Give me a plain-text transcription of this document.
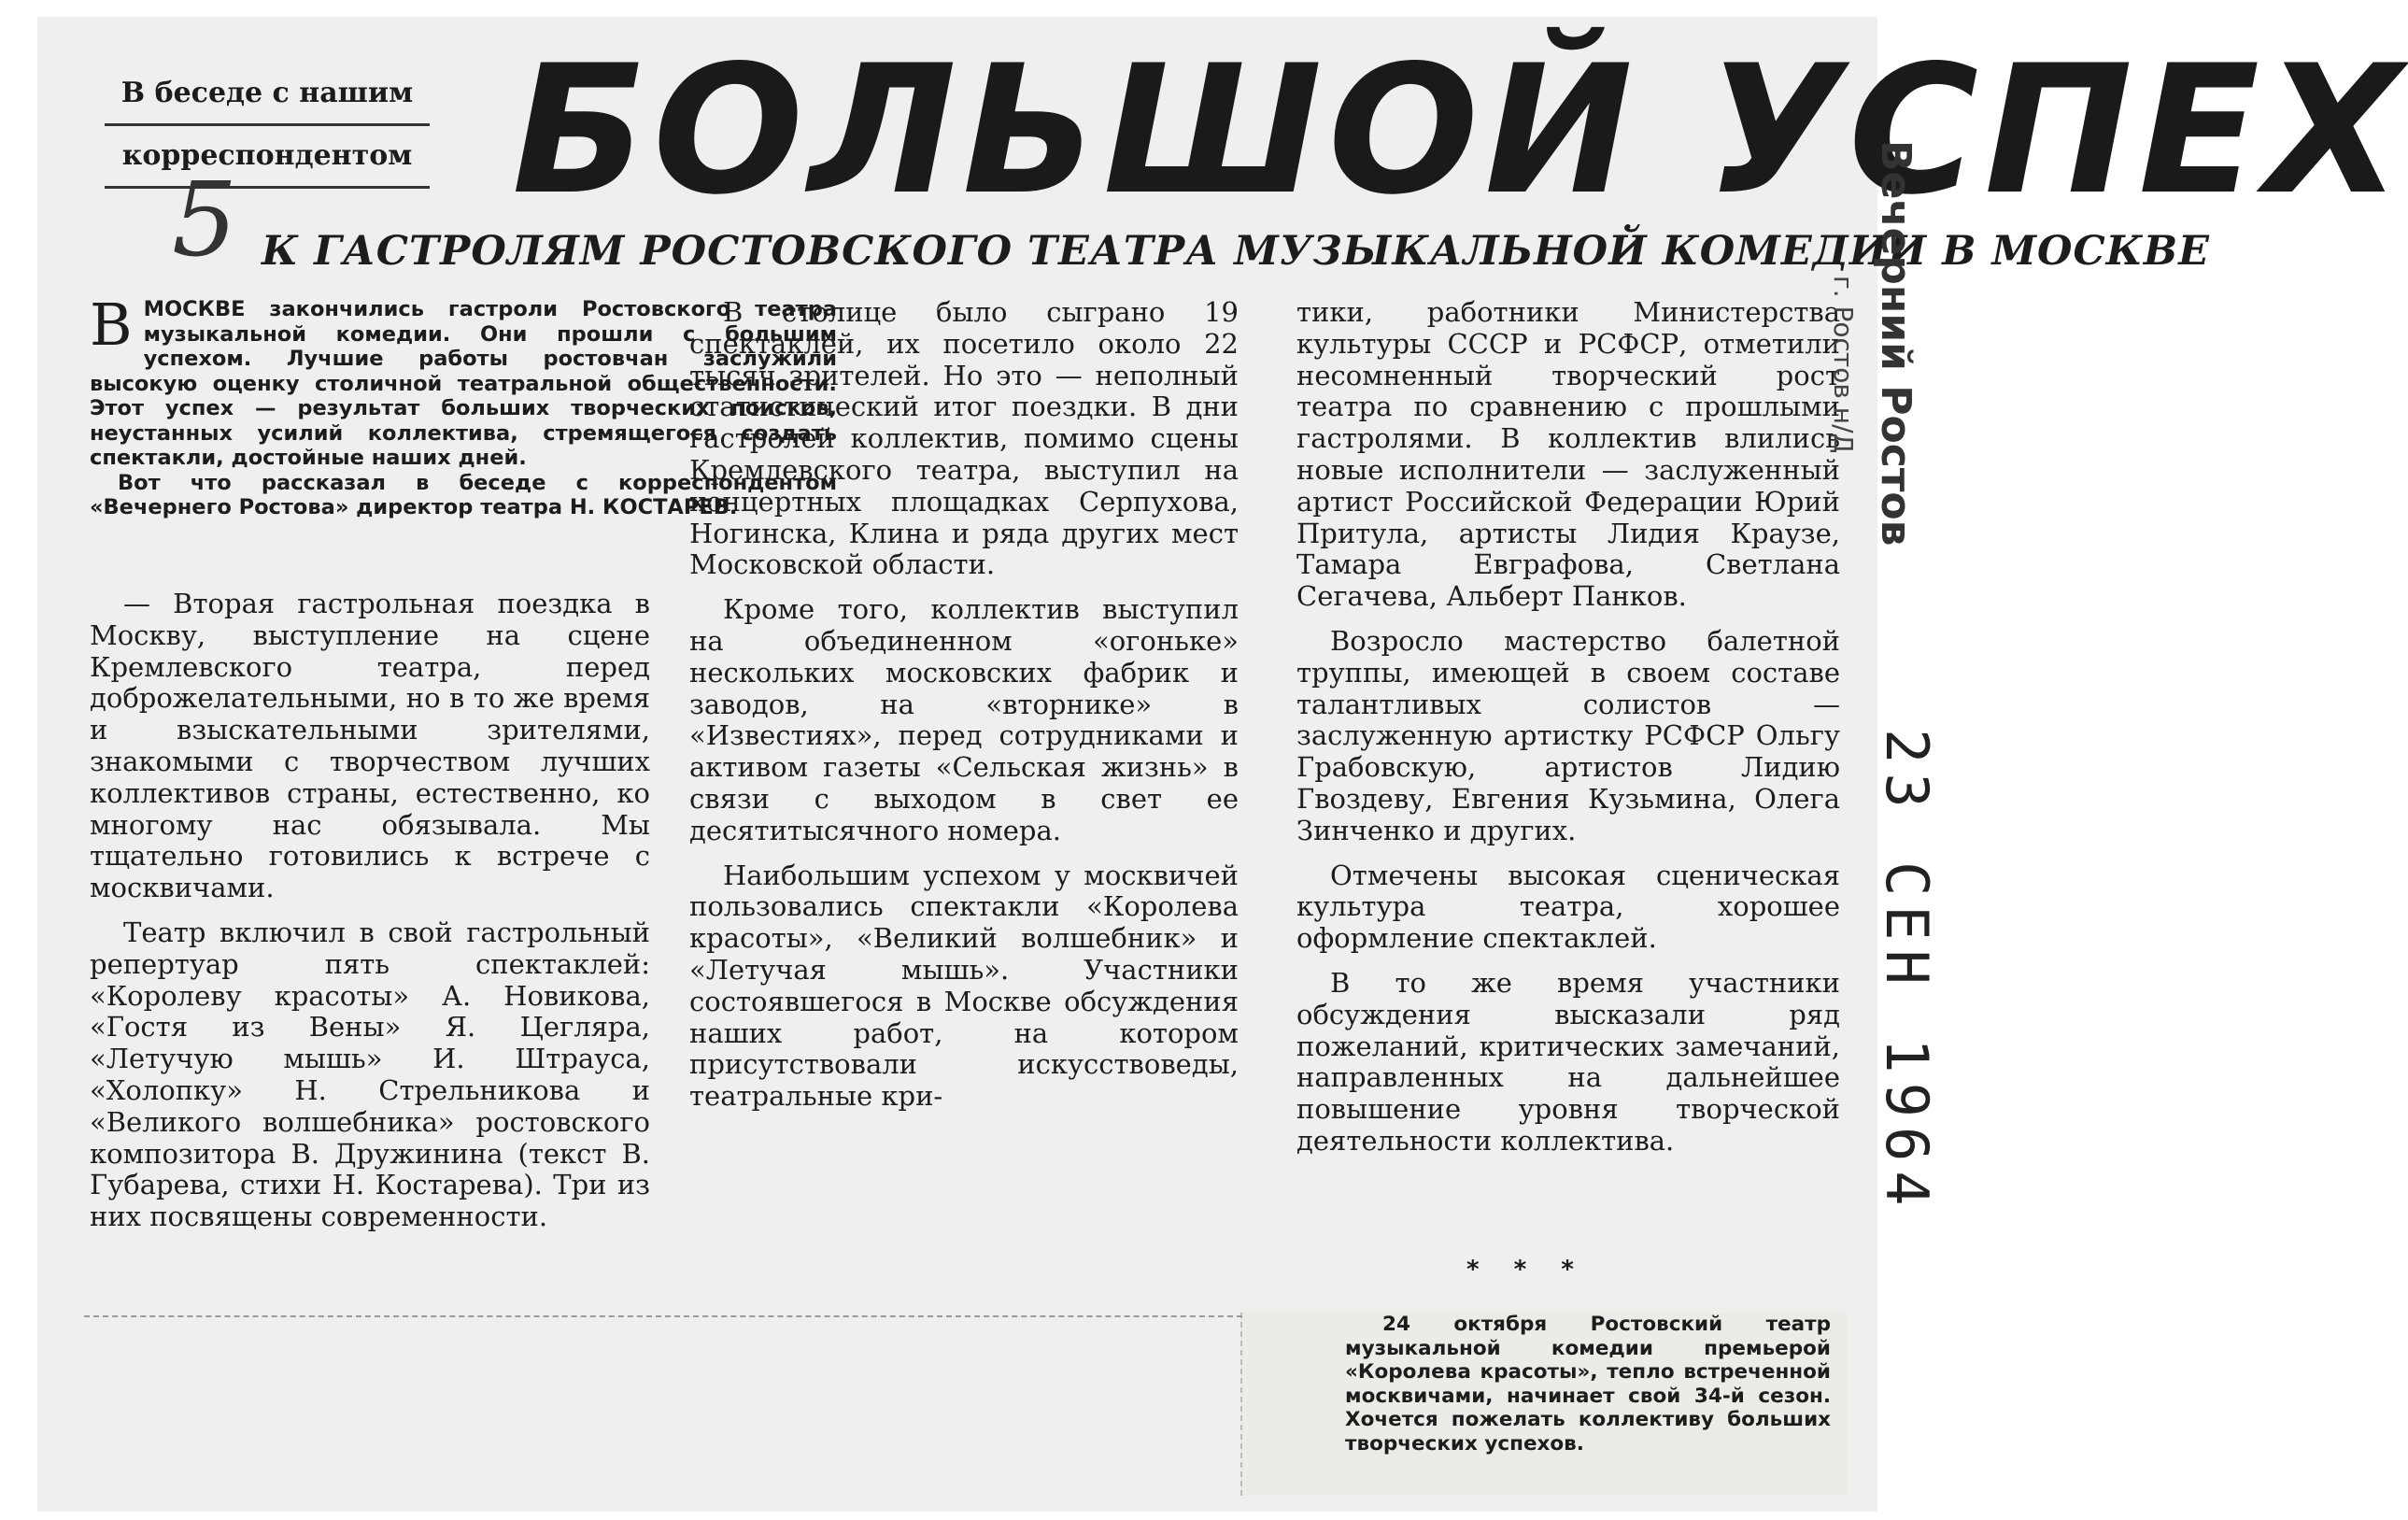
В беседе с нашим
корреспондентом БОЛЬШОЙ УСПЕХ
5 К ГАСТРОЛЯМ РОСТОВСКОГО ТЕАТРА МУЗЫКАЛЬНОЙ КОМЕДИИ В МОСКВЕ
В МОСКВЕ закончились гастроли Ростовского театра музыкальной комедии. Они прошли с большим успехом. Лучшие работы ростовчан заслужили высокую оценку столичной театральной общественности. Этот успех — результат больших творческих поисков, неустанных усилий коллектива, стремящегося создать спектакли, достойные наших дней.

Вот что рассказал в беседе с корреспондентом «Вечернего Ростова» директор театра Н. КОСТАРЕВ.

— Вторая гастрольная поездка в Москву, выступление на сцене Кремлевского театра, перед доброжелательными, но в то же время и взыскательными зрителями, знакомыми с творчеством лучших коллективов страны, естественно, ко многому нас обязывала. Мы тщательно готовились к встрече с москвичами.

Театр включил в свой гастрольный репертуар пять спектаклей: «Королеву красоты» А. Новикова, «Гостя из Вены» Я. Цегляра, «Летучую мышь» И. Штрауса, «Холопку» Н. Стрельникова и «Великого волшебника» ростовского композитора В. Дружинина (текст В. Губарева, стихи Н. Костарева). Три из них посвящены современности.

В столице было сыграно 19 спектаклей, их посетило около 22 тысяч зрителей. Но это — неполный статистический итог поездки. В дни гастролей коллектив, помимо сцены Кремлевского театра, выступил на концертных площадках Серпухова, Ногинска, Клина и ряда других мест Московской области.

Кроме того, коллектив выступил на объединенном «огоньке» нескольких московских фабрик и заводов, на «вторнике» в «Известиях», перед сотрудниками и активом газеты «Сельская жизнь» в связи с выходом в свет ее десятитысячного номера.

Наибольшим успехом у москвичей пользовались спектакли «Королева красоты», «Великий волшебник» и «Летучая мышь». Участники состоявшегося в Москве обсуждения наших работ, на котором присутствовали искусствоведы, театральные кри-

тики, работники Министерства культуры СССР и РСФСР, отметили несомненный творческий рост театра по сравнению с прошлыми гастролями. В коллектив влились новые исполнители — заслуженный артист Российской Федерации Юрий Притула, артисты Лидия Краузе, Тамара Евграфова, Светлана Сегачева, Альберт Панков.

Возросло мастерство балетной труппы, имеющей в своем составе талантливых солистов — заслуженную артистку РСФСР Ольгу Грабовскую, артистов Лидию Гвоздеву, Евгения Кузьмина, Олега Зинченко и других.

Отмечены высокая сценическая культура театра, хорошее оформление спектаклей.

В то же время участники обсуждения высказали ряд пожеланий, критических замечаний, направленных на дальнейшее повышение уровня творческой деятельности коллектива.

* * *

24 октября Ростовский театр музыкальной комедии премьерой «Королева красоты», тепло встреченной москвичами, начинает свой 34-й сезон. Хочется пожелать коллективу больших творческих успехов.

Вечерний Ростов
г. Ростов н/Д
23 СЕН 1964
